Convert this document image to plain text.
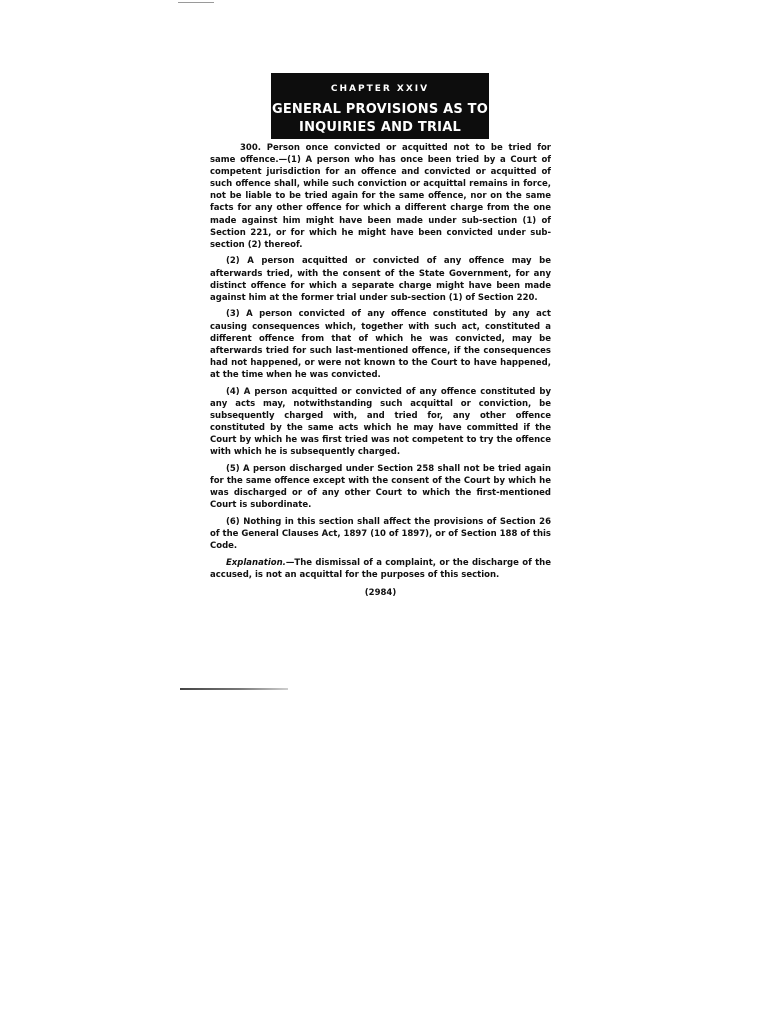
CHAPTER XXIV
GENERAL PROVISIONS AS TO
INQUIRIES AND TRIAL

300. Person once convicted or acquitted not to be tried for same offence.—(1) A person who has once been tried by a Court of competent jurisdiction for an offence and convicted or acquitted of such offence shall, while such conviction or acquittal remains in force, not be liable to be tried again for the same offence, nor on the same facts for any other offence for which a different charge from the one made against him might have been made under sub-section (1) of Section 221, or for which he might have been convicted under sub-section (2) thereof.

(2) A person acquitted or convicted of any offence may be afterwards tried, with the consent of the State Government, for any distinct offence for which a separate charge might have been made against him at the former trial under sub-section (1) of Section 220.

(3) A person convicted of any offence constituted by any act causing consequences which, together with such act, constituted a different offence from that of which he was convicted, may be afterwards tried for such last-mentioned offence, if the consequences had not happened, or were not known to the Court to have happened, at the time when he was convicted.

(4) A person acquitted or convicted of any offence constituted by any acts may, notwithstanding such acquittal or conviction, be subsequently charged with, and tried for, any other offence constituted by the same acts which he may have committed if the Court by which he was first tried was not competent to try the offence with which he is subsequently charged.

(5) A person discharged under Section 258 shall not be tried again for the same offence except with the consent of the Court by which he was discharged or of any other Court to which the first-mentioned Court is subordinate.

(6) Nothing in this section shall affect the provisions of Section 26 of the General Clauses Act, 1897 (10 of 1897), or of Section 188 of this Code.

Explanation.—The dismissal of a complaint, or the discharge of the accused, is not an acquittal for the purposes of this section.

(2984)
